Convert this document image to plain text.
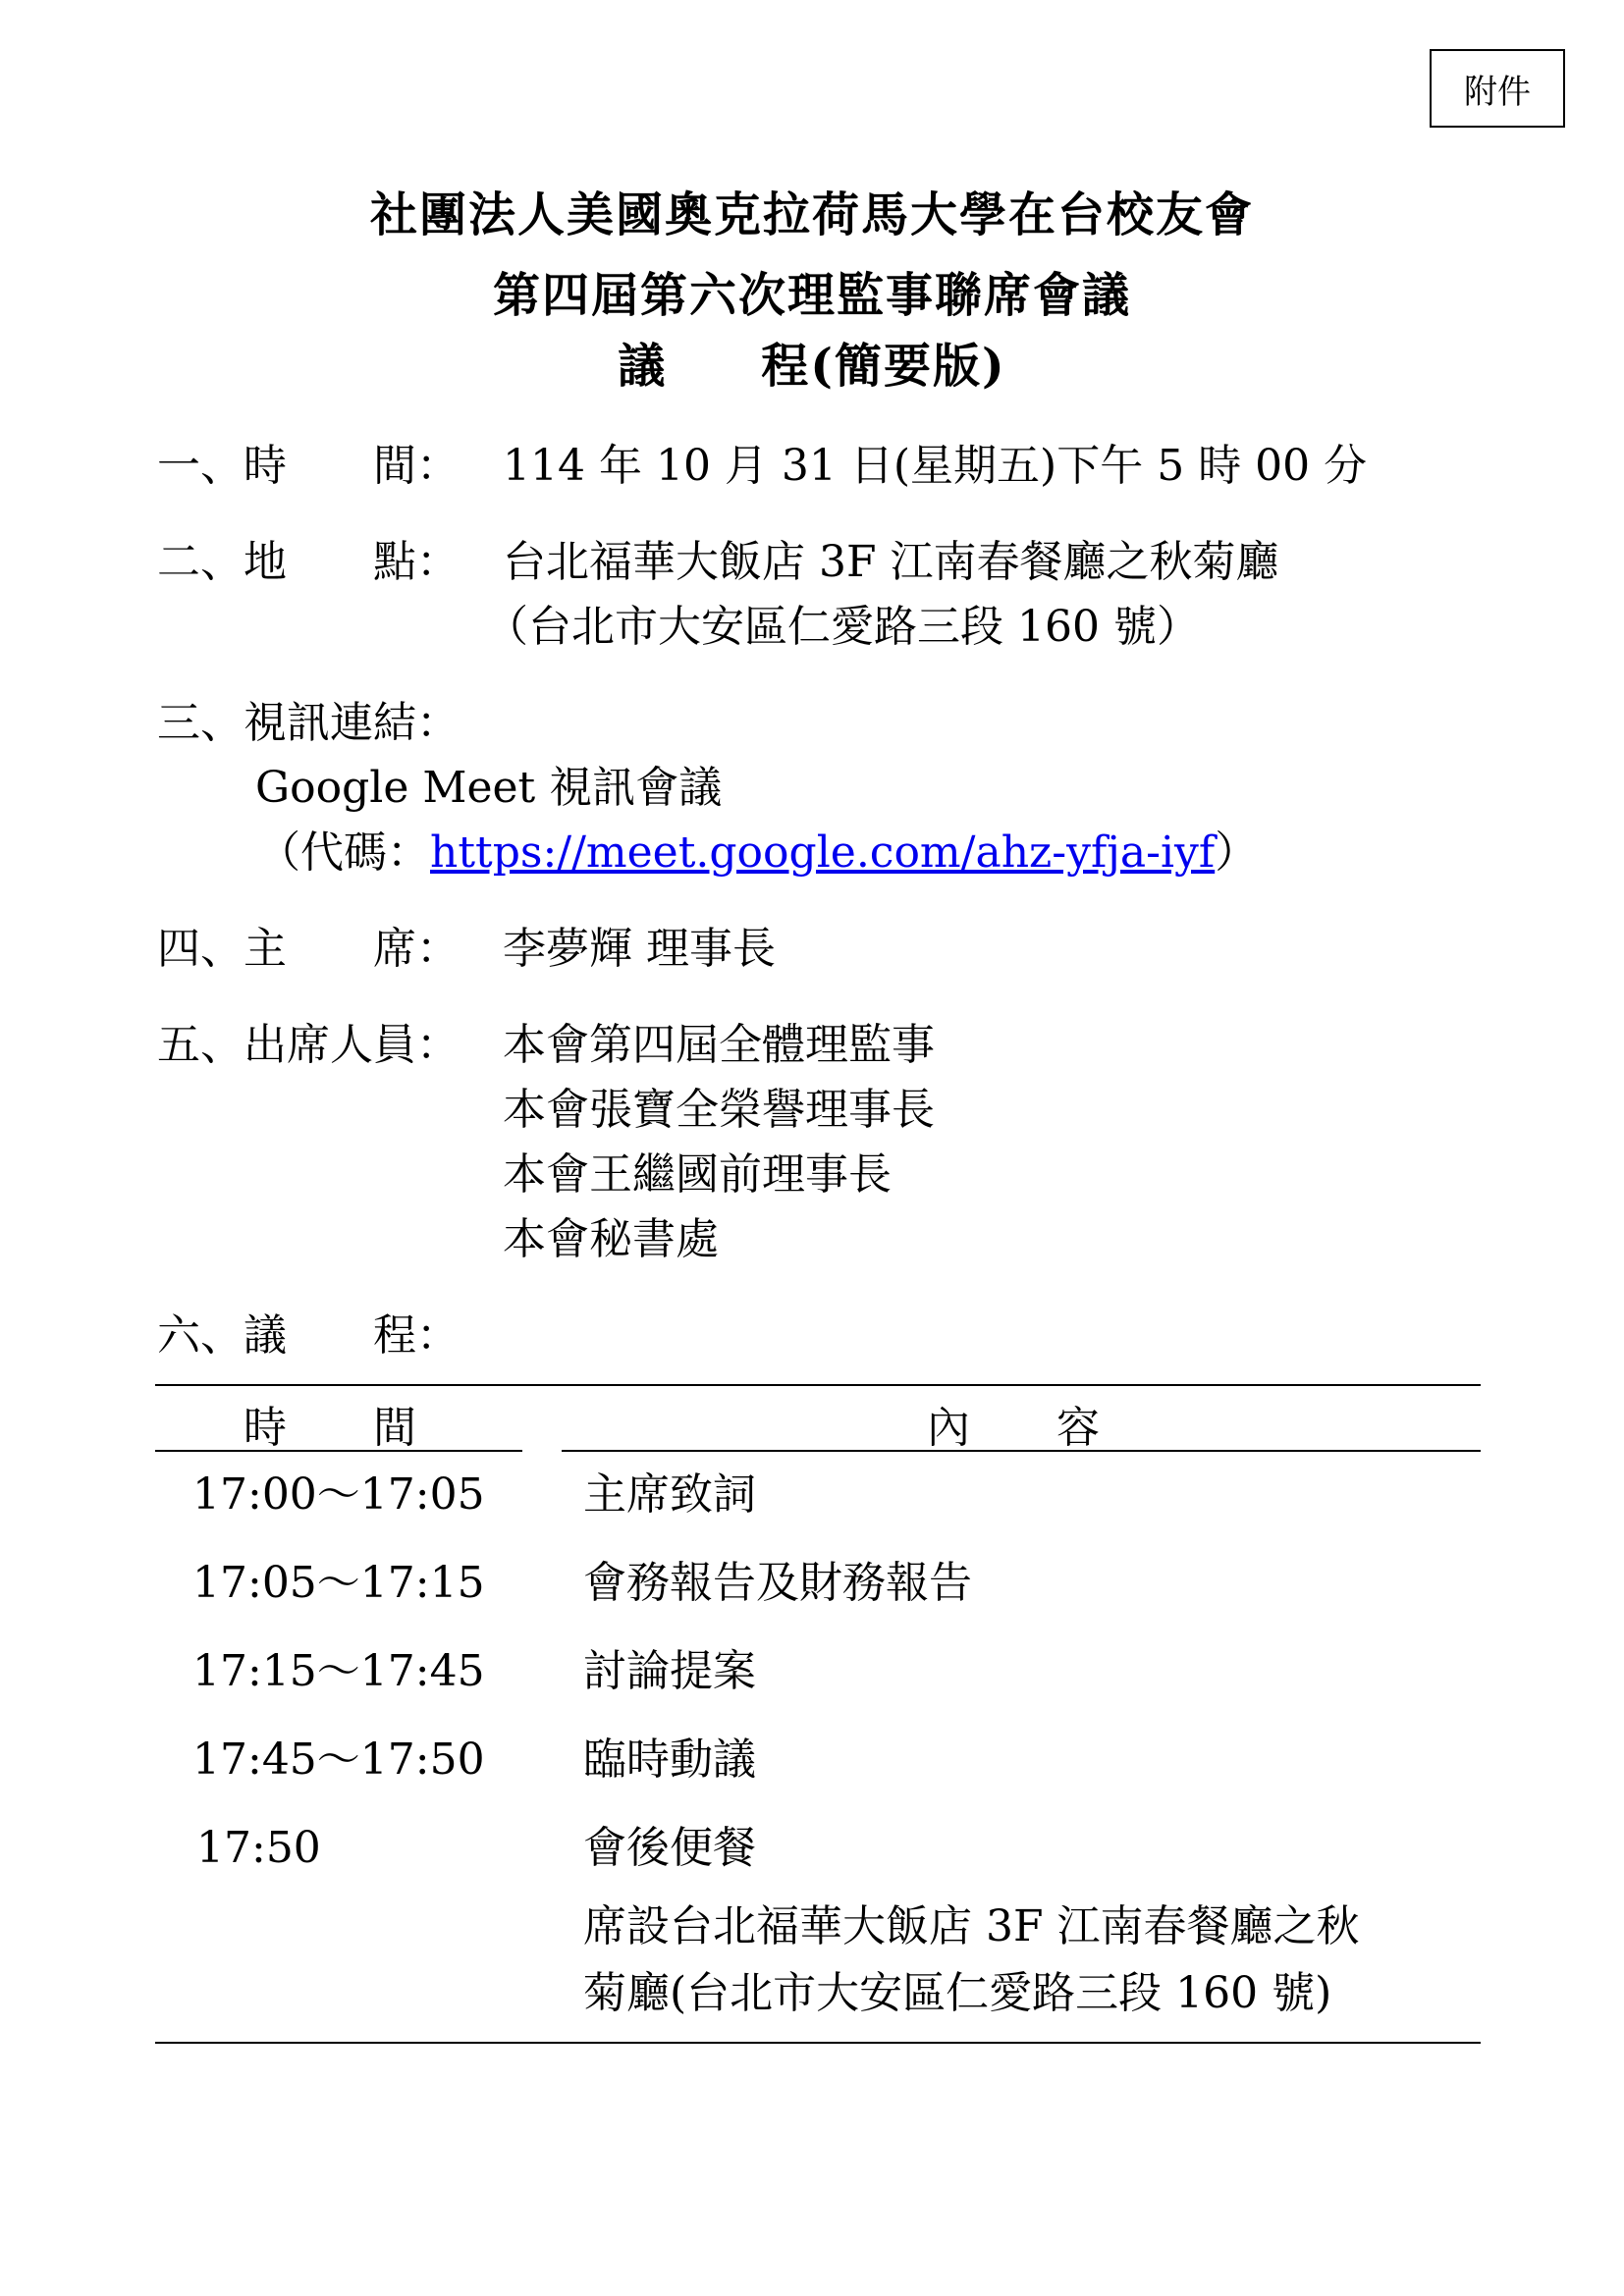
附件
社團法人美國奧克拉荷馬大學在台校友會
第四屆第六次理監事聯席會議
議 程(簡要版)
一、時　　間： 114 年 10 月 31 日(星期五)下午 5 時 00 分
二、地　　點： 台北福華大飯店 3F 江南春餐廳之秋菊廳
（台北市大安區仁愛路三段 160 號）
三、視訊連結：
Google Meet 視訊會議
（代碼：https://meet.google.com/ahz-yfja-iyf）
四、主　　席： 李夢輝 理事長
五、出席人員： 本會第四屆全體理監事
本會張寶全榮譽理事長
本會王繼國前理事長
本會秘書處
六、議　　程：
時　　間	內　　容
17:00～17:05 主席致詞
17:05～17:15 會務報告及財務報告
17:15～17:45 討論提案
17:45～17:50 臨時動議
17:50	會後便餐
席設台北福華大飯店 3F 江南春餐廳之秋
菊廳(台北市大安區仁愛路三段 160 號)
